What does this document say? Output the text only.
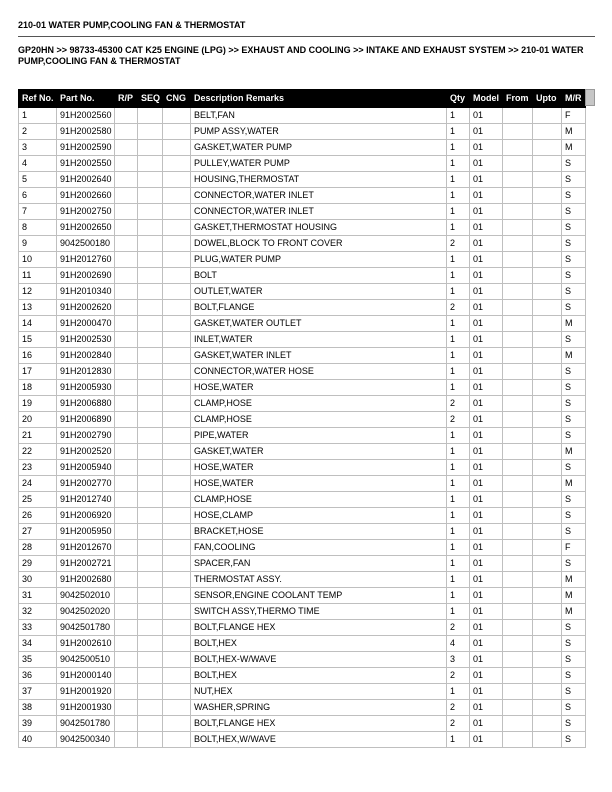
210-01 WATER PUMP,COOLING FAN & THERMOSTAT
GP20HN >> 98733-45300 CAT K25 ENGINE (LPG) >> EXHAUST AND COOLING >> INTAKE AND EXHAUST SYSTEM >> 210-01 WATER PUMP,COOLING FAN & THERMOSTAT
Ref No.	Part No.	R/P	SEQ	CNG	Description Remarks	Qty	Model	From	Upto	M/R
1	91H2002560				BELT,FAN	1	01			F
2	91H2002580				PUMP ASSY,WATER	1	01			M
3	91H2002590				GASKET,WATER PUMP	1	01			M
4	91H2002550				PULLEY,WATER PUMP	1	01			S
5	91H2002640				HOUSING,THERMOSTAT	1	01			S
6	91H2002660				CONNECTOR,WATER INLET	1	01			S
7	91H2002750				CONNECTOR,WATER INLET	1	01			S
8	91H2002650				GASKET,THERMOSTAT HOUSING	1	01			S
9	9042500180				DOWEL,BLOCK TO FRONT COVER	2	01			S
10	91H2012760				PLUG,WATER PUMP	1	01			S
11	91H2002690				BOLT	1	01			S
12	91H2010340				OUTLET,WATER	1	01			S
13	91H2002620				BOLT,FLANGE	2	01			S
14	91H2000470				GASKET,WATER OUTLET	1	01			M
15	91H2002530				INLET,WATER	1	01			S
16	91H2002840				GASKET,WATER INLET	1	01			M
17	91H2012830				CONNECTOR,WATER HOSE	1	01			S
18	91H2005930				HOSE,WATER	1	01			S
19	91H2006880				CLAMP,HOSE	2	01			S
20	91H2006890				CLAMP,HOSE	2	01			S
21	91H2002790				PIPE,WATER	1	01			S
22	91H2002520				GASKET,WATER	1	01			M
23	91H2005940				HOSE,WATER	1	01			S
24	91H2002770				HOSE,WATER	1	01			M
25	91H2012740				CLAMP,HOSE	1	01			S
26	91H2006920				HOSE,CLAMP	1	01			S
27	91H2005950				BRACKET,HOSE	1	01			S
28	91H2012670				FAN,COOLING	1	01			F
29	91H2002721				SPACER,FAN	1	01			S
30	91H2002680				THERMOSTAT ASSY.	1	01			M
31	9042502010				SENSOR,ENGINE COOLANT TEMP	1	01			M
32	9042502020				SWITCH ASSY,THERMO TIME	1	01			M
33	9042501780				BOLT,FLANGE HEX	2	01			S
34	91H2002610				BOLT,HEX	4	01			S
35	9042500510				BOLT,HEX-W/WAVE	3	01			S
36	91H2000140				BOLT,HEX	2	01			S
37	91H2001920				NUT,HEX	1	01			S
38	91H2001930				WASHER,SPRING	2	01			S
39	9042501780				BOLT,FLANGE HEX	2	01			S
40	9042500340				BOLT,HEX,W/WAVE	1	01			S
